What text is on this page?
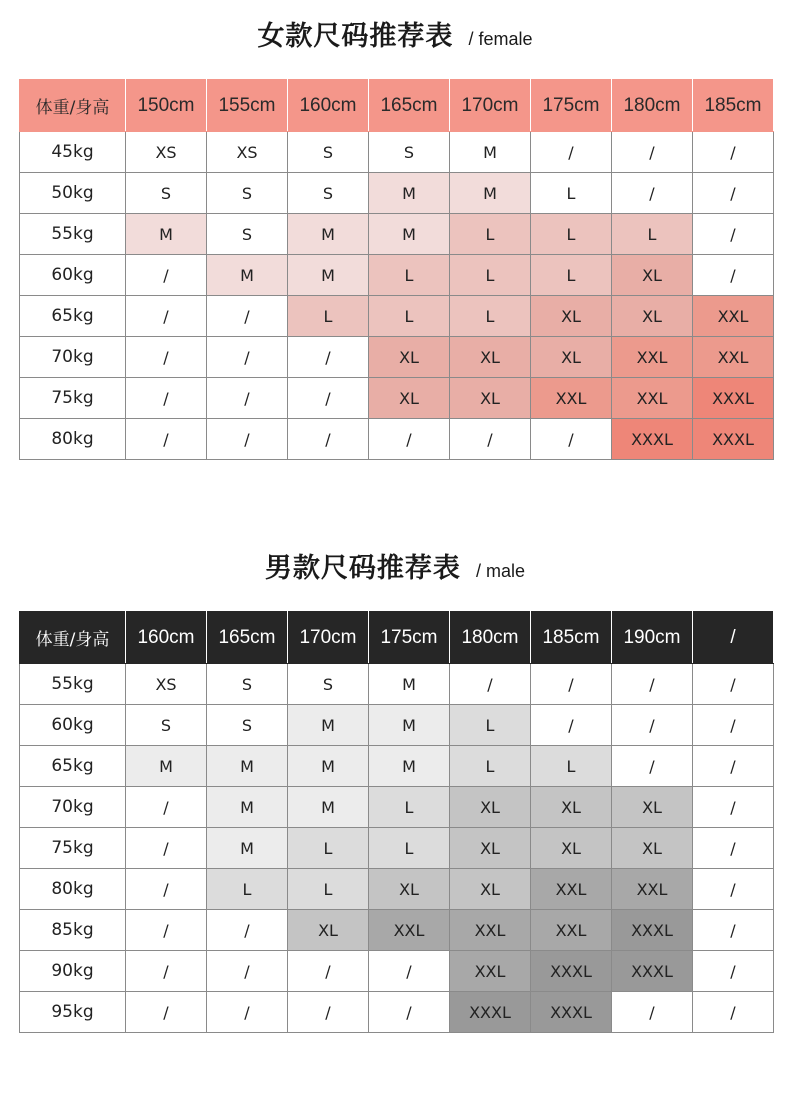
女款尺码推荐表 / female
体重/身高	150cm	155cm	160cm	165cm	170cm	175cm	180cm	185cm
45kg	XS	XS	S	S	M	/	/	/
50kg	S	S	S	M	M	L	/	/
55kg	M	S	M	M	L	L	L	/
60kg	/	M	M	L	L	L	XL	/
65kg	/	/	L	L	L	XL	XL	XXL
70kg	/	/	/	XL	XL	XL	XXL	XXL
75kg	/	/	/	XL	XL	XXL	XXL	XXXL
80kg	/	/	/	/	/	/	XXXL	XXXL
男款尺码推荐表 / male
体重/身高	160cm	165cm	170cm	175cm	180cm	185cm	190cm	/
55kg	XS	S	S	M	/	/	/	/
60kg	S	S	M	M	L	/	/	/
65kg	M	M	M	M	L	L	/	/
70kg	/	M	M	L	XL	XL	XL	/
75kg	/	M	L	L	XL	XL	XL	/
80kg	/	L	L	XL	XL	XXL	XXL	/
85kg	/	/	XL	XXL	XXL	XXL	XXXL	/
90kg	/	/	/	/	XXL	XXXL	XXXL	/
95kg	/	/	/	/	XXXL	XXXL	/	/
